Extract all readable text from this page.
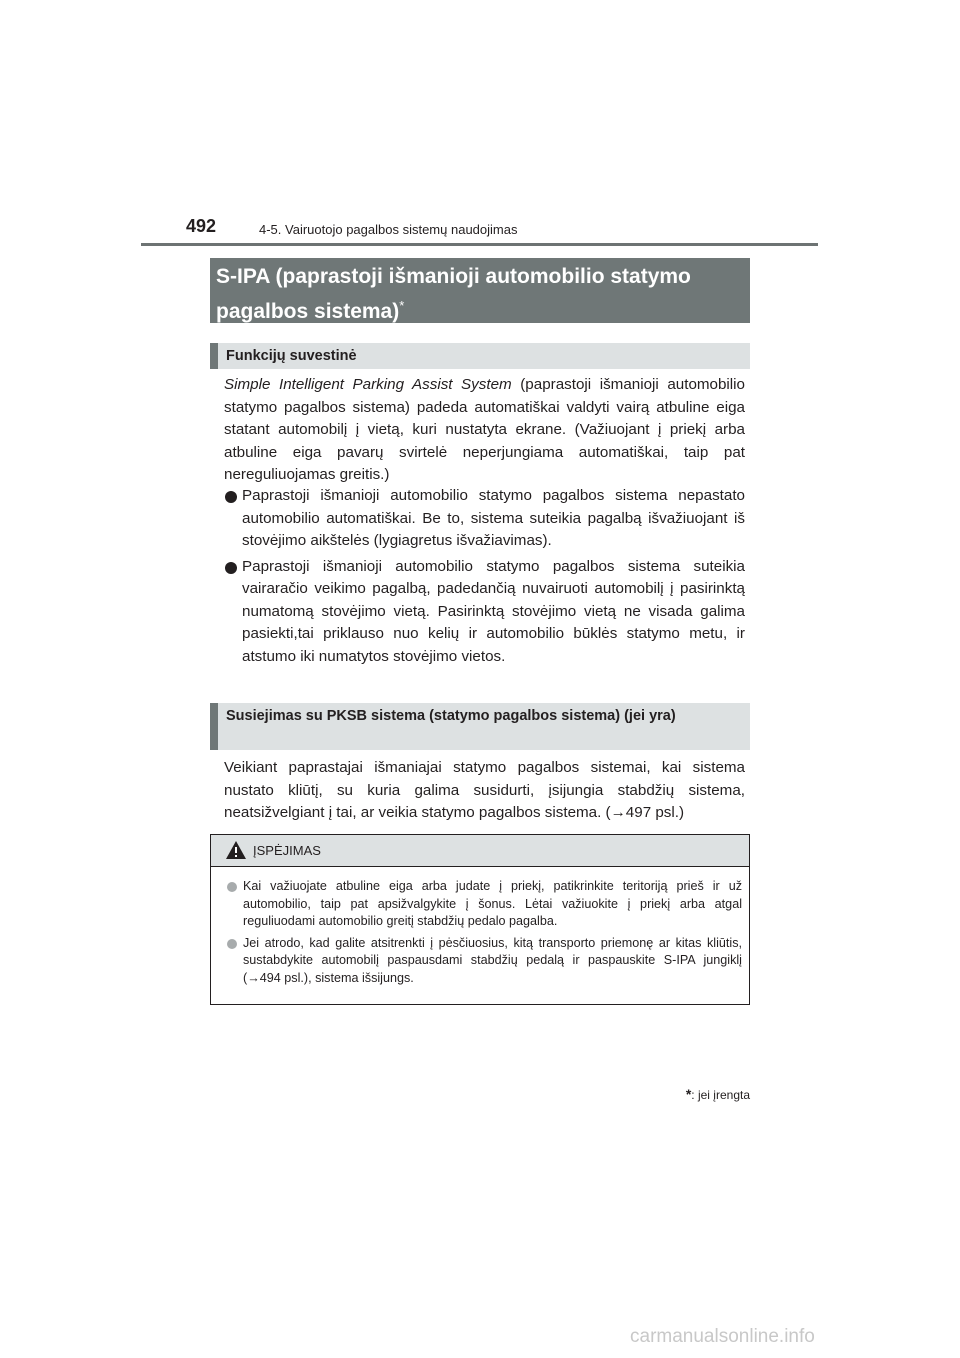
492	4-5. Vairuotojo pagalbos sistemų naudojimas
S-IPA (paprastoji išmanioji automobilio statymo pagalbos sistema)*
Funkcijų suvestinė
Simple Intelligent Parking Assist System (paprastoji išmanioji automobilio statymo pagalbos sistema) padeda automatiškai valdyti vairą atbuline eiga statant automobilį į vietą, kuri nustatyta ekrane. (Važiuojant į priekį arba atbuline eiga pavarų svirtelė neperjungiama automatiškai, taip pat nereguliuojamas greitis.)
Paprastoji išmanioji automobilio statymo pagalbos sistema nepastato automobilio automatiškai. Be to, sistema suteikia pagalbą išvažiuojant iš stovėjimo aikštelės (lygiagretus išvažiavimas).
Paprastoji išmanioji automobilio statymo pagalbos sistema suteikia vairaračio veikimo pagalbą, padedančią nuvairuoti automobilį į pasirinktą numatomą stovėjimo vietą. Pasirinktą stovėjimo vietą ne visada galima pasiekti,tai priklauso nuo kelių ir automobilio būklės statymo metu, ir atstumo iki numatytos stovėjimo vietos.
Susiejimas su PKSB sistema (statymo pagalbos sistema) (jei yra)
Veikiant paprastajai išmaniajai statymo pagalbos sistemai, kai sistema nustato kliūtį, su kuria galima susidurti, įsijungia stabdžių sistema, neatsižvelgiant į tai, ar veikia statymo pagalbos sistema. (→497 psl.)
ĮSPĖJIMAS
Kai važiuojate atbuline eiga arba judate į priekį, patikrinkite teritoriją prieš ir už automobilio, taip pat apsižvalgykite į šonus. Lėtai važiuokite į priekį arba atgal reguliuodami automobilio greitį stabdžių pedalo pagalba.
Jei atrodo, kad galite atsitrenkti į pėsčiuosius, kitą transporto priemonę ar kitas kliūtis, sustabdykite automobilį paspausdami stabdžių pedalą ir paspauskite S-IPA jungiklį (→494 psl.), sistema išsijungs.
*: jei įrengta
carmanualsonline.info
